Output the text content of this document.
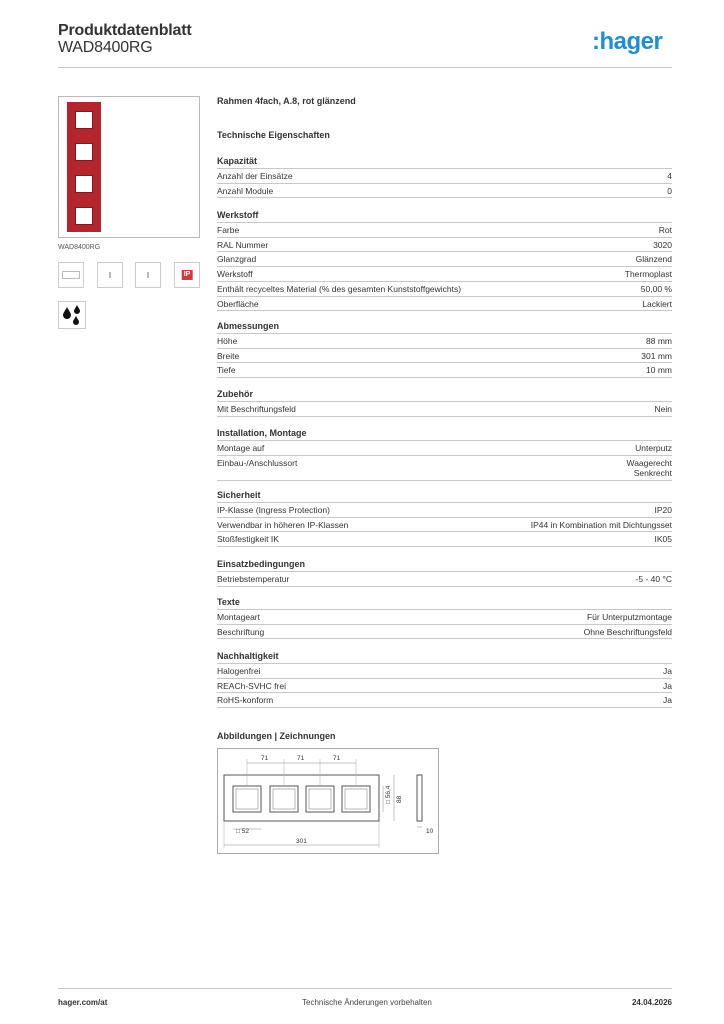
Produktdatenblatt
WAD8400RG	:hager
WAD8400RG
IP
Rahmen 4fach, A.8, rot glänzend
Technische Eigenschaften
Kapazität
Anzahl der Einsätze	4
Anzahl Module	0
Werkstoff
Farbe	Rot
RAL Nummer	3020
Glanzgrad	Glänzend
Werkstoff	Thermoplast
Enthält recyceltes Material (% des gesamten Kunststoffgewichts)	50,00 %
Oberfläche	Lackiert
Abmessungen
Höhe	88 mm
Breite	301 mm
Tiefe	10 mm
Zubehör
Mit Beschriftungsfeld	Nein
Installation, Montage
Montage auf	Unterputz
Einbau-/Anschlussort	Waagerecht
Senkrecht
Sicherheit
IP-Klasse (Ingress Protection)	IP20
Verwendbar in höheren IP-Klassen	IP44 in Kombination mit Dichtungsset
Stoßfestigkeit IK	IK05
Einsatzbedingungen
Betriebstemperatur	-5 - 40 °C
Texte
Montageart	Für Unterputzmontage
Beschriftung	Ohne Beschriftungsfeld
Nachhaltigkeit
Halogenfrei	Ja
REACh-SVHC frei	Ja
RoHS-konform	Ja
Abbildungen | Zeichnungen
71	71	71
□ 56,4 88
10
□ 52
301
hager.com/at	Technische Änderungen vorbehalten	24.04.2026
